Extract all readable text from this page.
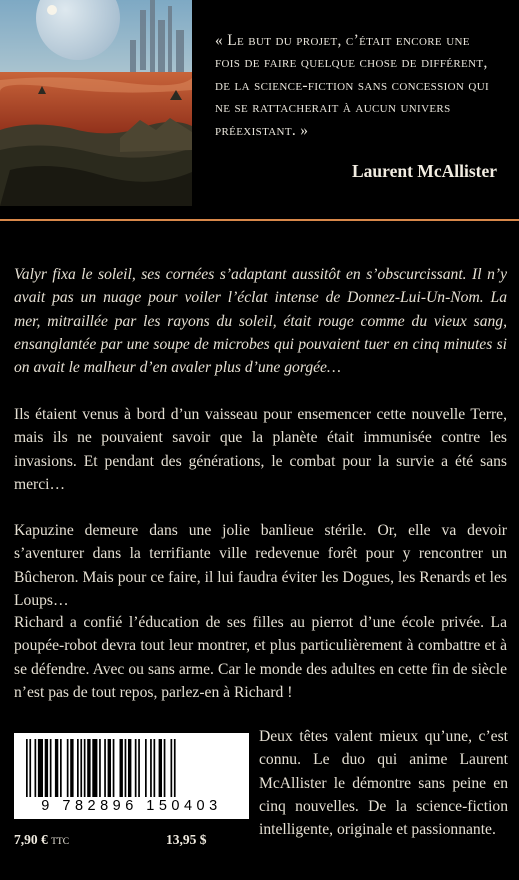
« Le but du projet, c’était encore une fois de faire quelque chose de différent, de la science-fiction sans concession qui ne se rattacherait à aucun univers préexistant. »
Laurent McAllister
Valyr fixa le soleil, ses cornées s’adaptant aussitôt en s’obscurcissant. Il n’y avait pas un nuage pour voiler l’éclat intense de Donnez-Lui-Un-Nom. La mer, mitraillée par les rayons du soleil, était rouge comme du vieux sang, ensanglantée par une soupe de microbes qui pouvaient tuer en cinq minutes si on avait le malheur d’en avaler plus d’une gorgée…
Ils étaient venus à bord d’un vaisseau pour ensemencer cette nouvelle Terre, mais ils ne pouvaient savoir que la planète était immunisée contre les invasions. Et pendant des générations, le combat pour la survie a été sans merci…
Kapuzine demeure dans une jolie banlieue stérile. Or, elle va devoir s’aventurer dans la terrifiante ville redevenue forêt pour y rencontrer un Bûcheron. Mais pour ce faire, il lui faudra éviter les Dogues, les Renards et les Loups…
Richard a confié l’éducation de ses filles au pierrot d’une école privée. La poupée-robot devra tout leur montrer, et plus particulièrement à combattre et à se défendre. Avec ou sans arme. Car le monde des adultes en cette fin de siècle n’est pas de tout repos, parlez-en à Richard !
Deux têtes valent mieux qu’une, c’est connu. Le duo qui anime Laurent McAllister le démontre sans peine en cinq nouvelles. De la science-fiction intelligente, originale et passionnante.
9 782896 150403
7,90 € TTC	13,95 $
